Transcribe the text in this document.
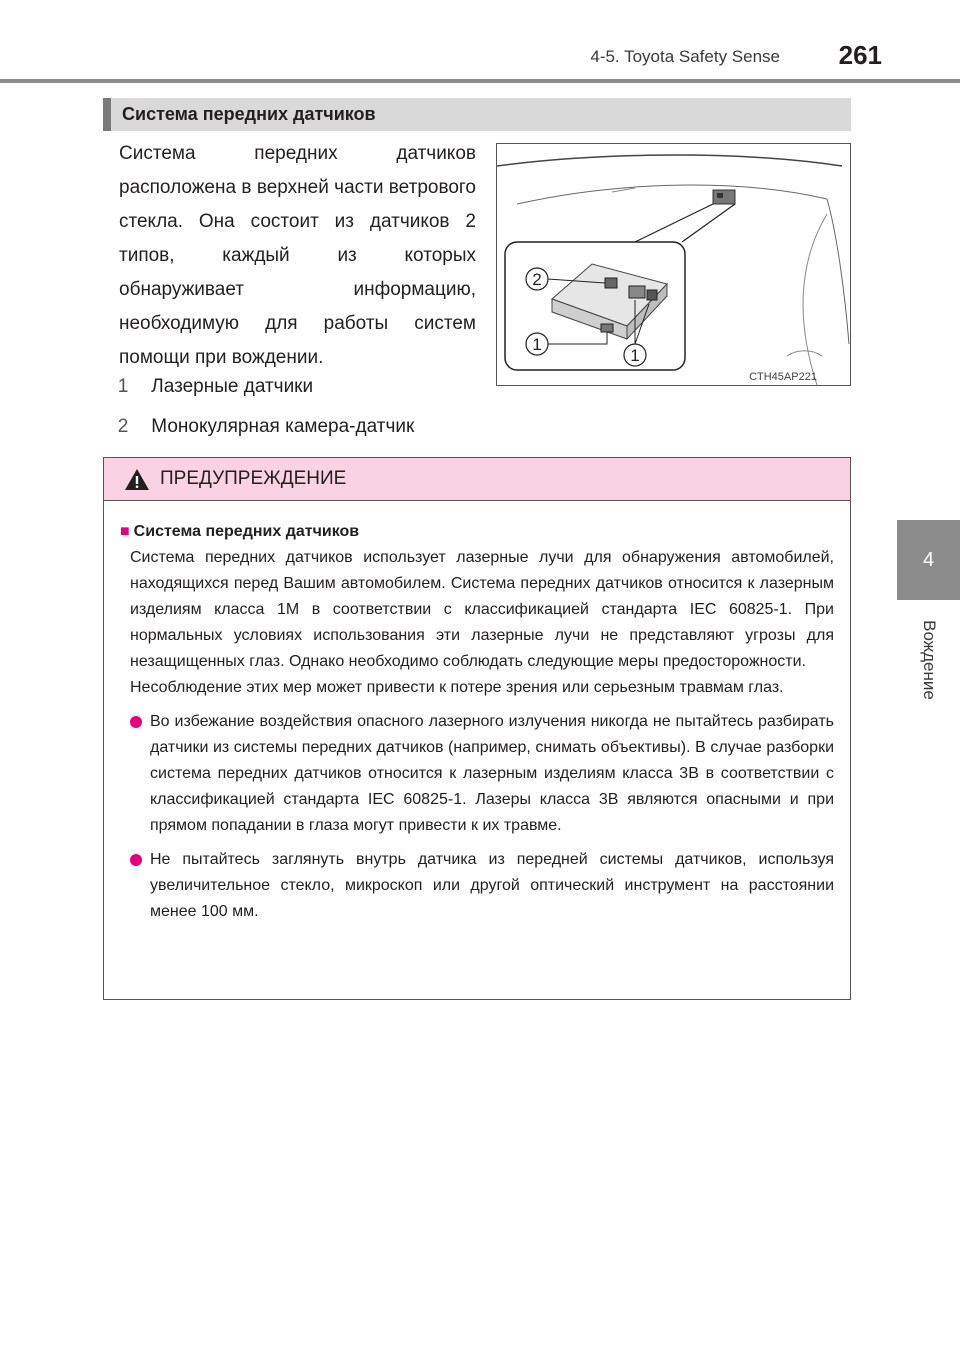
4-5. Toyota Safety Sense 261
4
Вождение
Система передних датчиков
Система передних датчиков расположена в верхней части ветрового стекла. Она состоит из датчиков 2 типов, каждый из которых обнаруживает информацию, необходимую для работы систем помощи при вождении.
1 Лазерные датчики
2 Монокулярная камера-датчик
2
1
1
CTH45AP221
ПРЕДУПРЕЖДЕНИЕ
■ Система передних датчиков
Система передних датчиков использует лазерные лучи для обнаружения автомобилей, находящихся перед Вашим автомобилем. Система передних датчиков относится к лазерным изделиям класса 1M в соответствии с классификацией стандарта IEC 60825-1. При нормальных условиях использования эти лазерные лучи не представляют угрозы для незащищенных глаз. Однако необходимо соблюдать следующие меры предосторожности.
Несоблюдение этих мер может привести к потере зрения или серьезным травмам глаз.
Во избежание воздействия опасного лазерного излучения никогда не пытайтесь разбирать датчики из системы передних датчиков (например, снимать объективы). В случае разборки система передних датчиков относится к лазерным изделиям класса 3B в соответствии с классификацией стандарта IEC 60825-1. Лазеры класса 3B являются опасными и при прямом попадании в глаза могут привести к их травме.
Не пытайтесь заглянуть внутрь датчика из передней системы датчиков, используя увеличительное стекло, микроскоп или другой оптический инструмент на расстоянии менее 100 мм.
